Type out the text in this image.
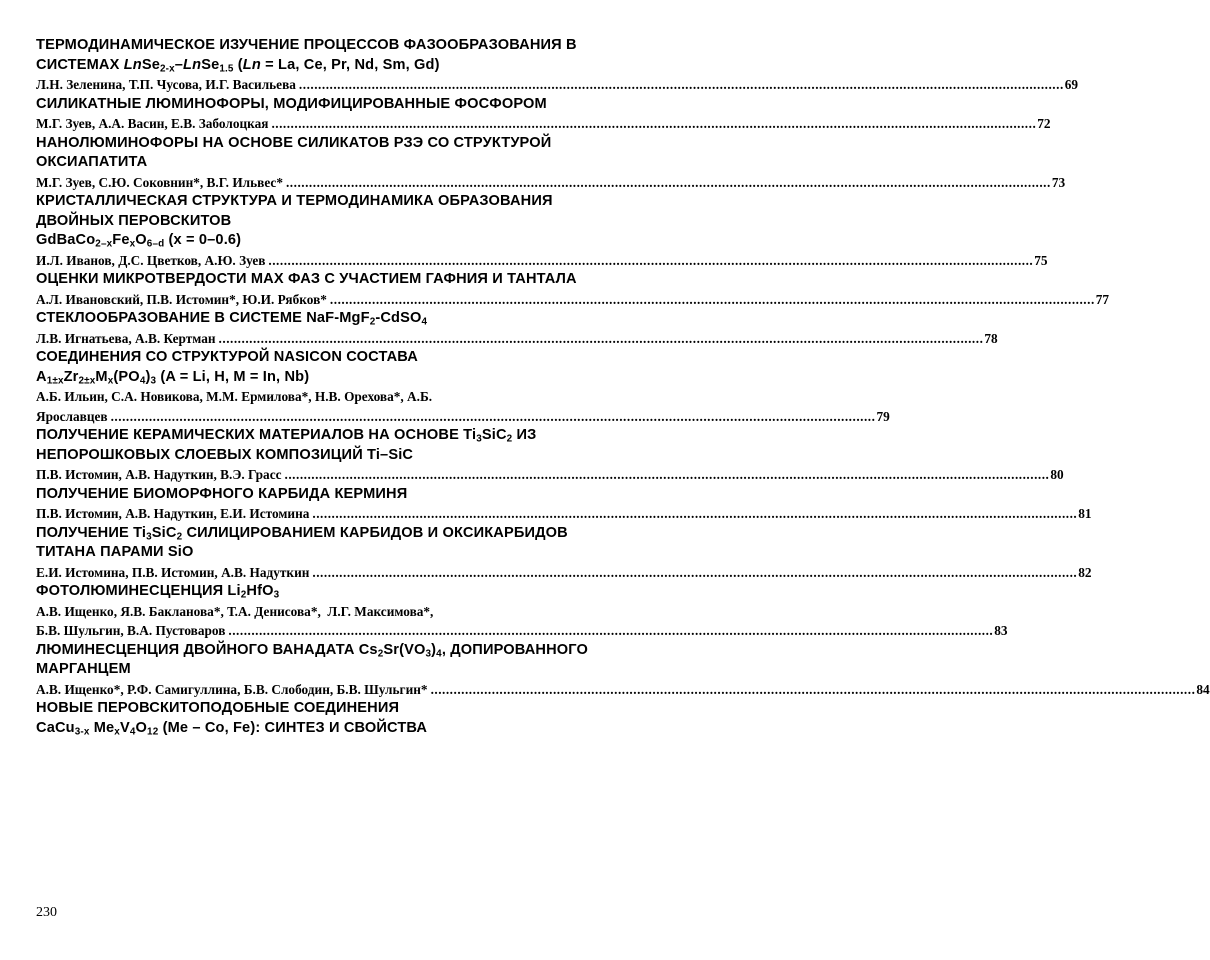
ТЕРМОДИНАМИЧЕСКОЕ ИЗУЧЕНИЕ ПРОЦЕССОВ ФАЗООБРАЗОВАНИЯ В СИСТЕМАХ LnSe$_{2-x}$–LnSe$_{1.5}$ (Ln = La, Ce, Pr, Nd, Sm, Gd)
Л.Н. Зеленина, Т.П. Чусова, И.Г. Васильева ........................................................................................................................................................................................................ 69
СИЛИКАТНЫЕ ЛЮМИНОФОРЫ, МОДИФИЦИРОВАННЫЕ ФОСФОРОМ
М.Г. Зуев, А.А. Васин, Е.В. Заболоцкая ........................................................................................................................................................................................................ 72
НАНОЛЮМИНОФОРЫ НА ОСНОВЕ СИЛИКАТОВ РЗЭ СО СТРУКТУРОЙ ОКСИАПАТИТА
М.Г. Зуев, С.Ю. Соковнин*, В.Г. Ильвес* ........................................................................................................................................................................................................ 73
КРИСТАЛЛИЧЕСКАЯ СТРУКТУРА И ТЕРМОДИНАМИКА ОБРАЗОВАНИЯ ДВОЙНЫХ ПЕРОВСКИТОВ
$GdBaCo_{2-x}Fe_xO_{6-d}$ (x = 0–0.6)
И.Л. Иванов, Д.С. Цветков, А.Ю. Зуев ........................................................................................................................................................................................................ 75
ОЦЕНКИ МИКРОТВЕРДОСТИ MAX ФАЗ С УЧАСТИЕМ ГАФНИЯ И ТАНТАЛА
А.Л. Ивановский, П.В. Истомин*, Ю.И. Рябков* ........................................................................................................................................................................................................ 77
СТЕКЛООБРАЗОВАНИЕ В СИСТЕМЕ NaF-MgF$_2$-CdSO$_4$
Л.В. Игнатьева, А.В. Кертман ........................................................................................................................................................................................................ 78
СОЕДИНЕНИЯ СО СТРУКТУРОЙ NASICON СОСТАВА
$A_{1\pm x}Zr_{2\pm x}M_x(PO_4)_3$ (A = Li, H, M = In, Nb)
А.Б. Ильин, С.А. Новикова, М.М. Ермилова*, Н.В. Орехова*, А.Б.
Ярославцев ........................................................................................................................................................................................................ 79
ПОЛУЧЕНИЕ КЕРАМИЧЕСКИХ МАТЕРИАЛОВ НА ОСНОВЕ $Ti_3SiC_2$ ИЗ НЕПОРОШКОВЫХ СЛОЕВЫХ КОМПОЗИЦИЙ Ti–SiC
П.В. Истомин, А.В. Надуткин, В.Э. Грасс ........................................................................................................................................................................................................ 80
ПОЛУЧЕНИЕ БИОМОРФНОГО КАРБИДА КЕРМИНЯ
П.В. Истомин, А.В. Надуткин, Е.И. Истомина ........................................................................................................................................................................................................ 81
ПОЛУЧЕНИЕ $Ti_3SiC_2$ СИЛИЦИРОВАНИЕМ КАРБИДОВ И ОКСИКАРБИДОВ ТИТАНА ПАРАМИ SiO
Е.И. Истомина, П.В. Истомин, А.В. Надуткин ........................................................................................................................................................................................................ 82
ФОТОЛЮМИНЕСЦЕНЦИЯ $Li_2HfO_3$
А.В. Ищенко, Я.В. Бакланова*, Т.А. Денисова*,  Л.Г. Максимова*,
Б.В. Шульгин, В.А. Пустоваров ........................................................................................................................................................................................................ 83
ЛЮМИНЕСЦЕНЦИЯ ДВОЙНОГО ВАНАДАТА $Cs_2Sr(VO_3)_4$, ДОПИРОВАННОГО МАРГАНЦЕМ
А.В. Ищенко*, Р.Ф. Самигуллина, Б.В. Слободин, Б.В. Шульгин* ........................................................................................................................................................................................................ 84
НОВЫЕ ПЕРОВСКИТОПОДОБНЫЕ СОЕДИНЕНИЯ
CaCu$_{3-x}$ $Me_xV_4O_{12}$ (Me – Co, Fe): СИНТЕЗ И СВОЙСТВА
230
